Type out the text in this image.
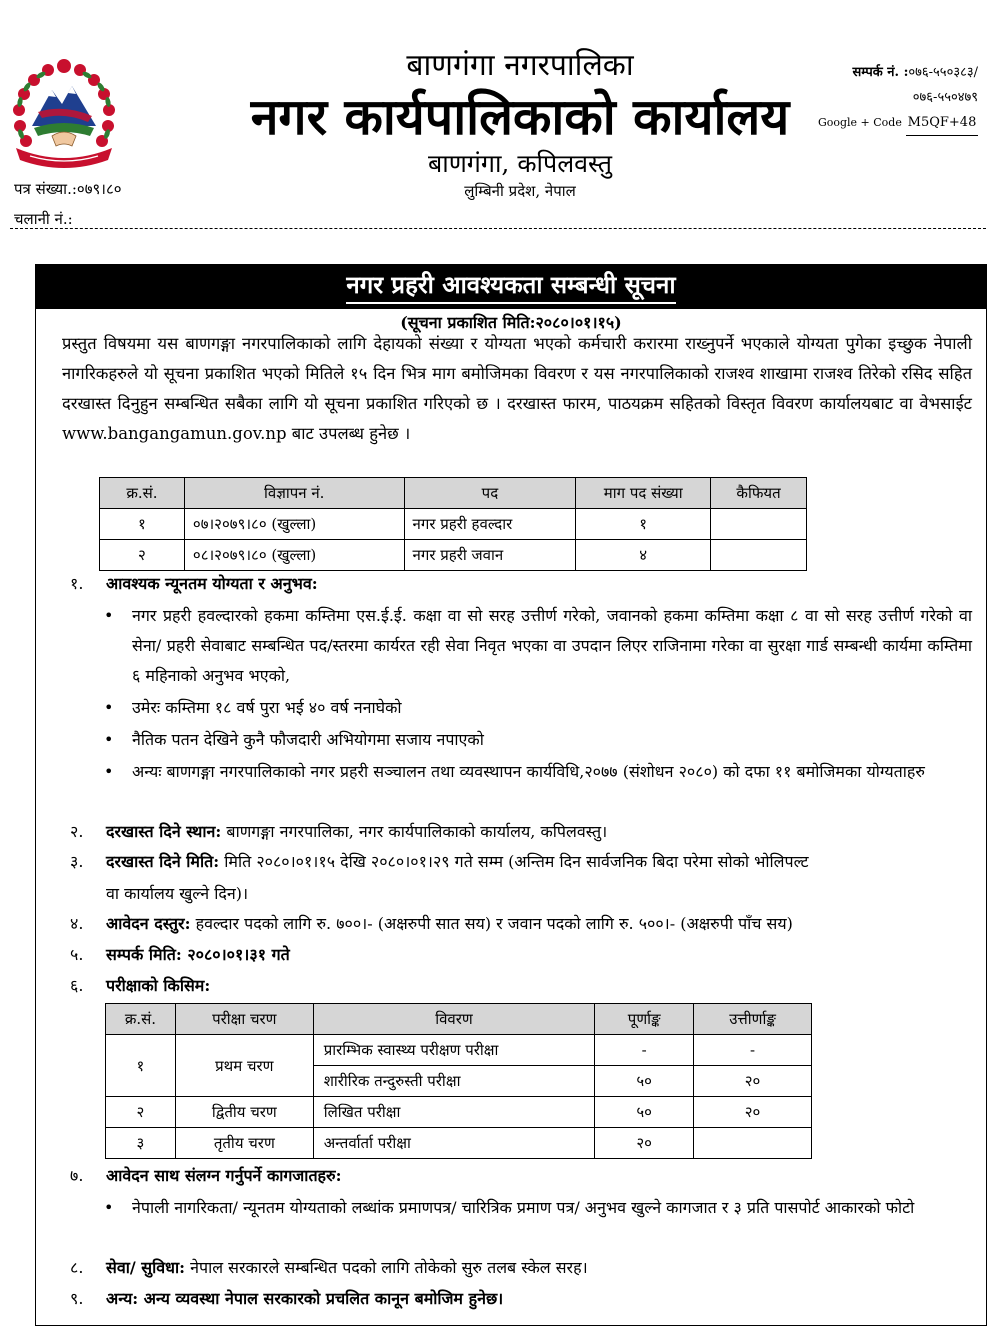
बाणगंगा नगरपालिका
नगर कार्यपालिकाको कार्यालय
बाणगंगा, कपिलवस्तु
लुम्बिनी प्रदेश, नेपाल
सम्पर्क नं. :०७६-५५०३८३/
०७६-५५०४७९
Google + Code M5QF+48
पत्र संख्या.:०७९।८०
चलानी नं.:
नगर प्रहरी आवश्यकता सम्बन्धी सूचना
(सूचना प्रकाशित मिति:२०८०।०१।१५)
प्रस्तुत विषयमा यस बाणगङ्गा नगरपालिकाको लागि देहायको संख्या र योग्यता भएको कर्मचारी करारमा राख्नुपर्ने भएकाले योग्यता पुगेका इच्छुक नेपाली नागरिकहरुले यो सूचना प्रकाशित भएको मितिले १५ दिन भित्र माग बमोजिमका विवरण र यस नगरपालिकाको राजश्व शाखामा राजश्व तिरेको रसिद सहित दरखास्त दिनुहुन सम्बन्धित सबैका लागि यो सूचना प्रकाशित गरिएको छ । दरखास्त फारम, पाठयक्रम सहितको विस्तृत विवरण कार्यालयबाट वा वेभसाईट www.bangangamun.gov.np बाट उपलब्ध हुनेछ ।
क्र.सं.	विज्ञापन नं.	पद	माग पद संख्या	कैफियत
१	०७।२०७९।८० (खुल्ला)	नगर प्रहरी हवल्दार	१	
२	०८।२०७९।८० (खुल्ला)	नगर प्रहरी जवान	४	
१. आवश्यक न्यूनतम योग्यता र अनुभव:
• नगर प्रहरी हवल्दारको हकमा कम्तिमा एस.ई.ई. कक्षा वा सो सरह उत्तीर्ण गरेको, जवानको हकमा कम्तिमा कक्षा ८ वा सो सरह उत्तीर्ण गरेको वा सेना/ प्रहरी सेवाबाट सम्बन्धित पद/स्तरमा कार्यरत रही सेवा निवृत भएका वा उपदान लिएर राजिनामा गरेका वा सुरक्षा गार्ड सम्बन्धी कार्यमा कम्तिमा ६ महिनाको अनुभव भएको,
• उमेरः कम्तिमा १८ वर्ष पुरा भई ४० वर्ष ननाघेको
• नैतिक पतन देखिने कुनै फौजदारी अभियोगमा सजाय नपाएको
• अन्यः बाणगङ्गा नगरपालिकाको नगर प्रहरी सञ्चालन तथा व्यवस्थापन कार्यविधि,२०७७ (संशोधन २०८०) को दफा ११ बमोजिमका योग्यताहरु
२. दरखास्त दिने स्थान: बाणगङ्गा नगरपालिका, नगर कार्यपालिकाको कार्यालय, कपिलवस्तु।
३. दरखास्त दिने मिति: मिति २०८०।०१।१५ देखि २०८०।०१।२९ गते सम्म (अन्तिम दिन सार्वजनिक बिदा परेमा सोको भोलिपल्ट
वा कार्यालय खुल्ने दिन)।
४. आवेदन दस्तुर: हवल्दार पदको लागि रु. ७००।- (अक्षरुपी सात सय) र जवान पदको लागि रु. ५००।- (अक्षरुपी पाँच सय)
५. सम्पर्क मिति: २०८०।०१।३१ गते
६. परीक्षाको किसिम:
क्र.सं.	परीक्षा चरण	विवरण	पूर्णाङ्क	उत्तीर्णाङ्क
१	प्रथम चरण	प्रारम्भिक स्वास्थ्य परीक्षण परीक्षा	-	-
		शारीरिक तन्दुरुस्ती परीक्षा	५०	२०
२	द्वितीय चरण	लिखित परीक्षा	५०	२०
३	तृतीय चरण	अन्तर्वार्ता परीक्षा	२०	
७. आवेदन साथ संलग्न गर्नुपर्ने कागजातहरु:
• नेपाली नागरिकता/ न्यूनतम योग्यताको लब्धांक प्रमाणपत्र/ चारित्रिक प्रमाण पत्र/ अनुभव खुल्ने कागजात र ३ प्रति पासपोर्ट आकारको फोटो
८. सेवा/ सुविधा: नेपाल सरकारले सम्बन्धित पदको लागि तोकेको सुरु तलब स्केल सरह।
९. अन्य: अन्य व्यवस्था नेपाल सरकारको प्रचलित कानून बमोजिम हुनेछ।
